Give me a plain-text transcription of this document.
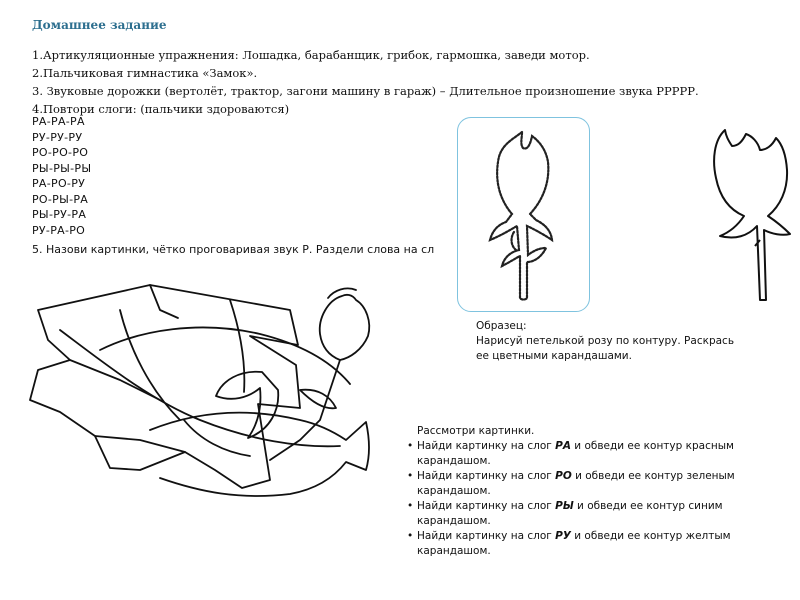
Домашнее задание
1.Артикуляционные упражнения: Лошадка, барабанщик, грибок, гармошка, заведи мотор.
2.Пальчиковая гимнастика «Замок».
3. Звуковые дорожки (вертолёт, трактор, загони машину в гараж) – Длительное произношение звука РРРРР.
4.Повтори слоги: (пальчики здороваются)
РА-РА-РА
РУ-РУ-РУ
РО-РО-РО
РЫ-РЫ-РЫ
РА-РО-РУ
РО-РЫ-РА
РЫ-РУ-РА
РУ-РА-РО
5. Назови картинки, чётко проговаривая звук Р. Раздели слова на сл
Образец:
Нарисуй петелькой розу по контуру. Раскрась
ее цветными карандашами.
Рассмотри картинки.
• Найди картинку на слог РА и обведи ее контур красным карандашом.
• Найди картинку на слог РО и обведи ее контур зеленым карандашом.
• Найди картинку на слог РЫ и обведи ее контур синим карандашом.
• Найди картинку на слог РУ и обведи ее контур желтым карандашом.
